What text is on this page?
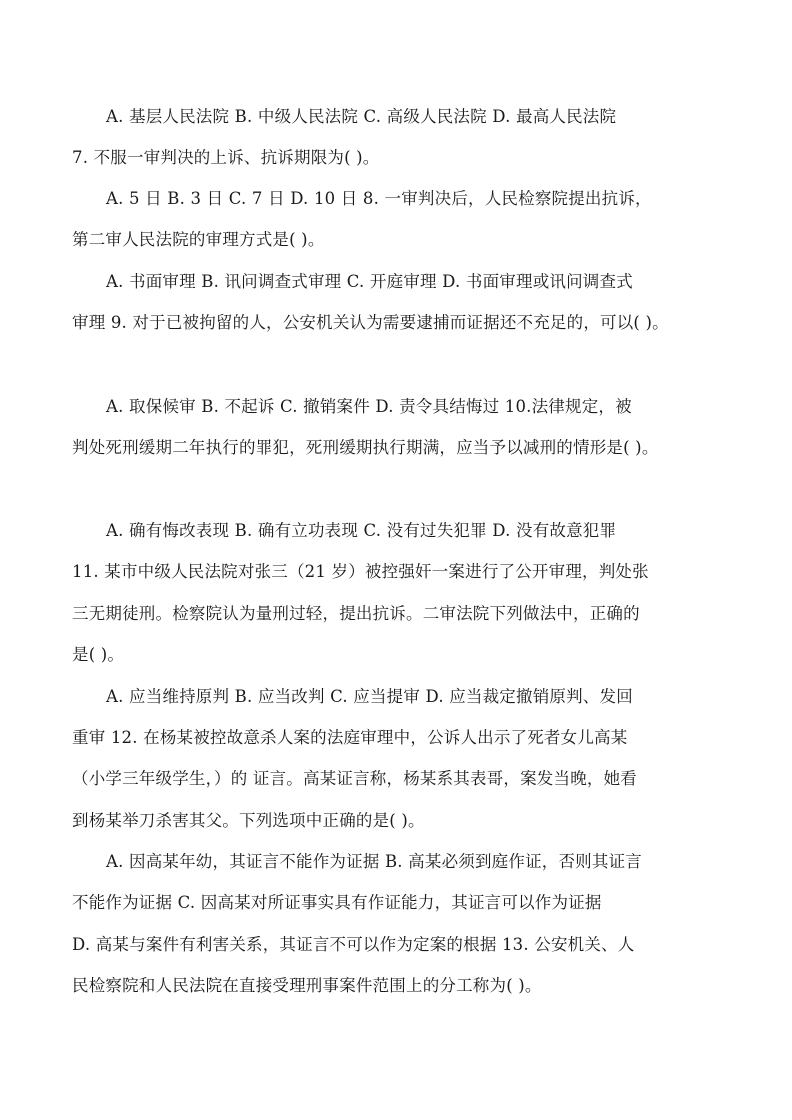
A. 基层人民法院 B. 中级人民法院 C. 高级人民法院 D. 最高人民法院
7. 不服一审判决的上诉、抗诉期限为( )。
A. 5 日 B. 3 日 C. 7 日 D. 10 日 8. 一审判决后，人民检察院提出抗诉，
第二审人民法院的审理方式是( )。
A. 书面审理 B. 讯问调查式审理 C. 开庭审理 D. 书面审理或讯问调查式
审理 9. 对于已被拘留的人，公安机关认为需要逮捕而证据还不充足的，可以( )。
A. 取保候审 B. 不起诉 C. 撤销案件 D. 责令具结悔过 10.法律规定，被
判处死刑缓期二年执行的罪犯，死刑缓期执行期满，应当予以减刑的情形是( )。
A. 确有悔改表现 B. 确有立功表现 C. 没有过失犯罪 D. 没有故意犯罪
11. 某市中级人民法院对张三（21 岁）被控强奸一案进行了公开审理，判处张
三无期徒刑。检察院认为量刑过轻，提出抗诉。二审法院下列做法中，正确的
是( )。
A. 应当维持原判 B. 应当改判 C. 应当提审 D. 应当裁定撤销原判、发回
重审 12. 在杨某被控故意杀人案的法庭审理中，公诉人出示了死者女儿高某
（小学三年级学生，）的 证言。高某证言称，杨某系其表哥，案发当晚，她看
到杨某举刀杀害其父。下列选项中正确的是( )。
A. 因高某年幼，其证言不能作为证据 B. 高某必须到庭作证，否则其证言
不能作为证据 C. 因高某对所证事实具有作证能力，其证言可以作为证据
D. 高某与案件有利害关系，其证言不可以作为定案的根据 13. 公安机关、人
民检察院和人民法院在直接受理刑事案件范围上的分工称为( )。
